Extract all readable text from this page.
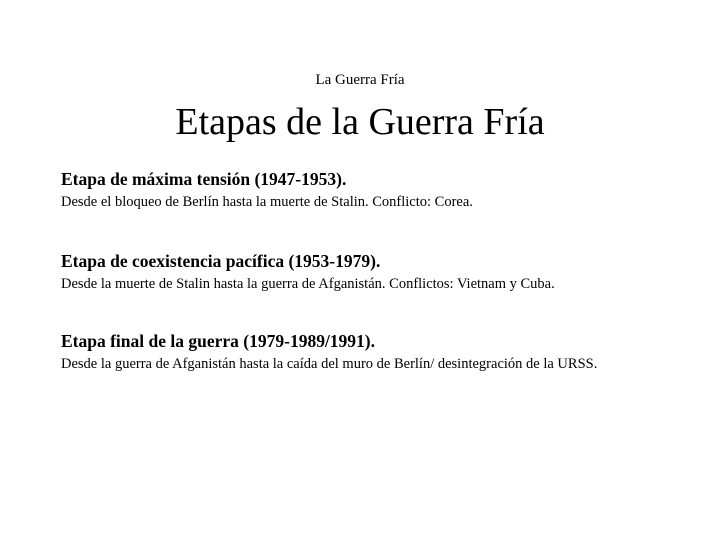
La Guerra Fría
Etapas de la Guerra Fría

Etapa de máxima tensión (1947-1953).

Desde el bloqueo de Berlín hasta la muerte de Stalin. Conflicto: Corea.

Etapa de coexistencia pacífica (1953-1979).

Desde la muerte de Stalin hasta la guerra de Afganistán. Conflictos: Vietnam y Cuba.

Etapa final de la guerra (1979-1989/1991).

Desde la guerra de Afganistán hasta la caída del muro de Berlín/ desintegración de la URSS.
